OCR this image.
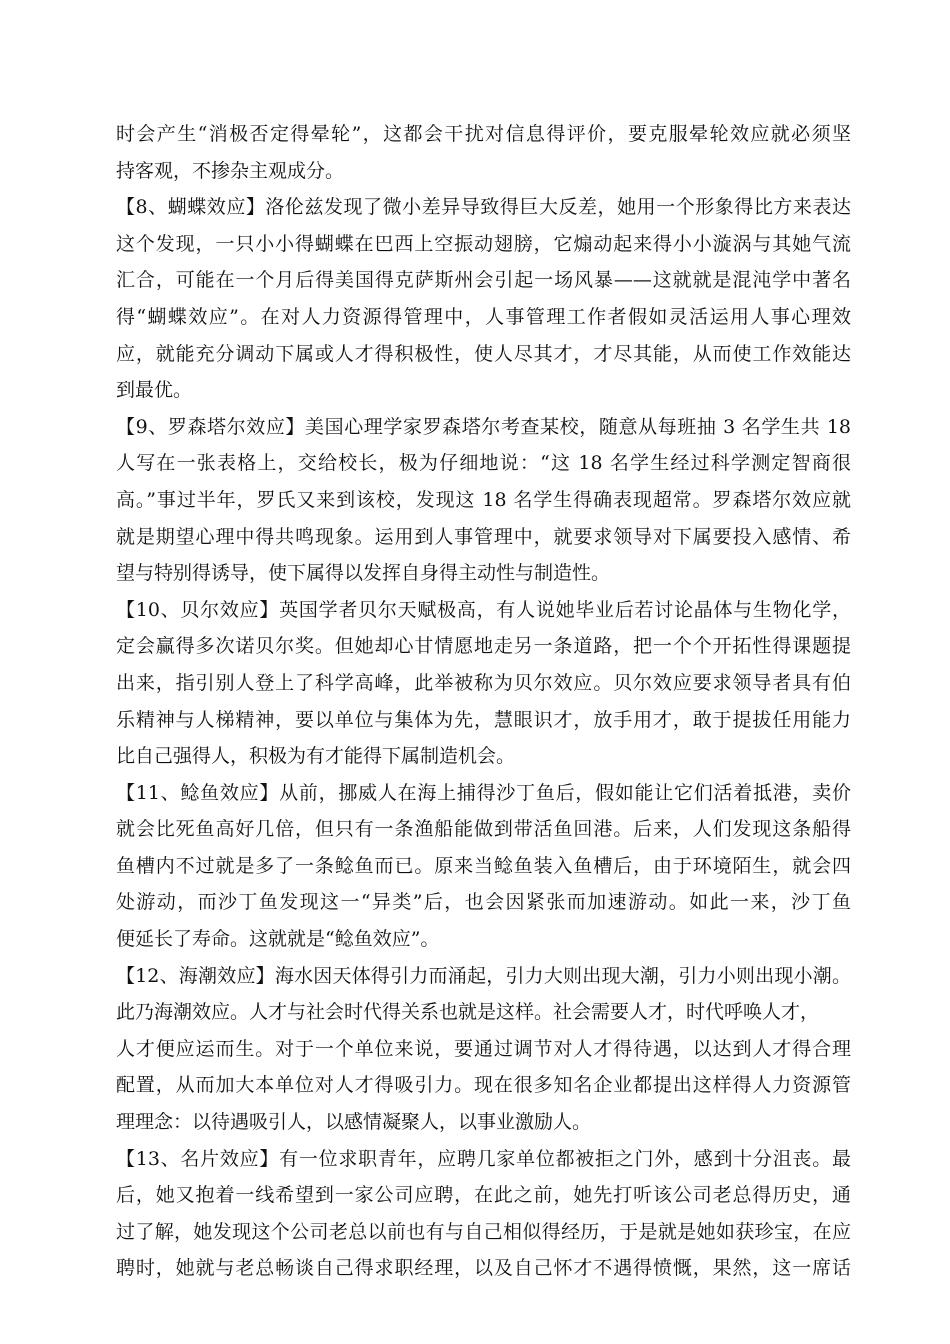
时会产生“消极否定得晕轮”，这都会干扰对信息得评价，要克服晕轮效应就必须坚
持客观，不掺杂主观成分。
【8、蝴蝶效应】洛伦兹发现了微小差异导致得巨大反差，她用一个形象得比方来表达
这个发现，一只小小得蝴蝶在巴西上空振动翅膀，它煽动起来得小小漩涡与其她气流
汇合，可能在一个月后得美国得克萨斯州会引起一场风暴——这就就是混沌学中著名
得“蝴蝶效应”。在对人力资源得管理中，人事管理工作者假如灵活运用人事心理效
应，就能充分调动下属或人才得积极性，使人尽其才，才尽其能，从而使工作效能达
到最优。
【9、罗森塔尔效应】美国心理学家罗森塔尔考查某校，随意从每班抽 3 名学生共 18
人写在一张表格上，交给校长，极为仔细地说：“这 18 名学生经过科学测定智商很
高。”事过半年，罗氏又来到该校，发现这 18 名学生得确表现超常。罗森塔尔效应就
就是期望心理中得共鸣现象。运用到人事管理中，就要求领导对下属要投入感情、希
望与特别得诱导，使下属得以发挥自身得主动性与制造性。
【10、贝尔效应】英国学者贝尔天赋极高，有人说她毕业后若讨论晶体与生物化学，
定会赢得多次诺贝尔奖。但她却心甘情愿地走另一条道路，把一个个开拓性得课题提
出来，指引别人登上了科学高峰，此举被称为贝尔效应。贝尔效应要求领导者具有伯
乐精神与人梯精神，要以单位与集体为先，慧眼识才，放手用才，敢于提拔任用能力
比自己强得人，积极为有才能得下属制造机会。
【11、鲶鱼效应】从前，挪威人在海上捕得沙丁鱼后，假如能让它们活着抵港，卖价
就会比死鱼高好几倍，但只有一条渔船能做到带活鱼回港。后来，人们发现这条船得
鱼槽内不过就是多了一条鲶鱼而已。原来当鲶鱼装入鱼槽后，由于环境陌生，就会四
处游动，而沙丁鱼发现这一“异类”后，也会因紧张而加速游动。如此一来，沙丁鱼
便延长了寿命。这就就是“鲶鱼效应”。
【12、海潮效应】海水因天体得引力而涌起，引力大则出现大潮，引力小则出现小潮。
此乃海潮效应。人才与社会时代得关系也就是这样。社会需要人才，时代呼唤人才，
人才便应运而生。对于一个单位来说，要通过调节对人才得待遇，以达到人才得合理
配置，从而加大本单位对人才得吸引力。现在很多知名企业都提出这样得人力资源管
理理念：以待遇吸引人，以感情凝聚人，以事业激励人。
【13、名片效应】有一位求职青年，应聘几家单位都被拒之门外，感到十分沮丧。最
后，她又抱着一线希望到一家公司应聘，在此之前，她先打听该公司老总得历史，通
过了解，她发现这个公司老总以前也有与自己相似得经历，于是就是她如获珍宝，在应
聘时，她就与老总畅谈自己得求职经理，以及自己怀才不遇得愤慨，果然，这一席话
